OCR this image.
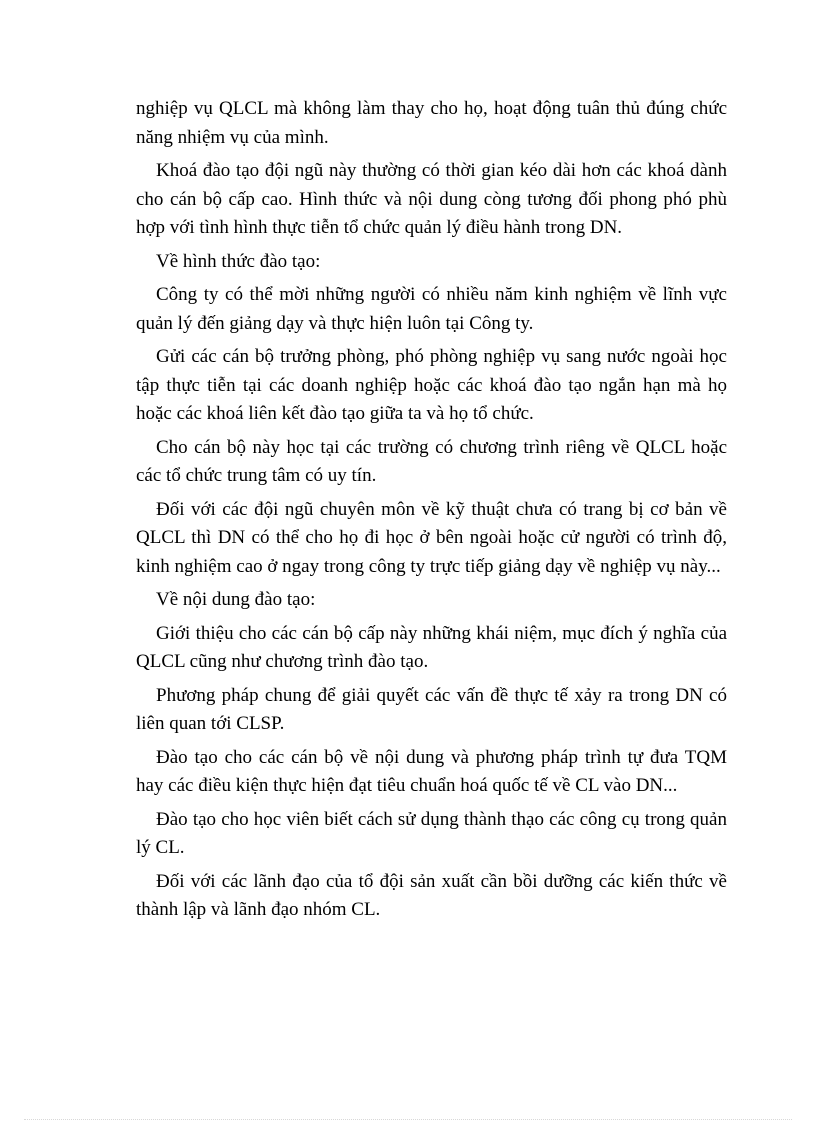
nghiệp vụ QLCL mà không làm thay cho họ, hoạt động tuân thủ đúng chức năng nhiệm vụ của mình.

Khoá đào tạo đội ngũ này thường có thời gian kéo dài hơn các khoá dành cho cán bộ cấp cao. Hình thức và nội dung còng tương đối phong phó phù hợp với tình hình thực tiễn tổ chức quản lý điều hành trong DN.

Về hình thức đào tạo:

Công ty có thể mời những người có nhiều năm kinh nghiệm về lĩnh vực quản lý đến giảng dạy và thực hiện luôn tại Công ty.

Gửi các cán bộ trưởng phòng, phó phòng nghiệp vụ sang nước ngoài học tập thực tiễn tại các doanh nghiệp hoặc các khoá đào tạo ngắn hạn mà họ hoặc các khoá liên kết đào tạo giữa ta và họ tổ chức.

Cho cán bộ này học tại các trường có chương trình riêng về QLCL hoặc các tổ chức trung tâm có uy tín.

Đối với các đội ngũ chuyên môn về kỹ thuật chưa có trang bị cơ bản về QLCL thì DN có thể cho họ đi học ở bên ngoài hoặc cử người có trình độ, kinh nghiệm cao ở ngay trong công ty trực tiếp giảng dạy về nghiệp vụ này...

Về nội dung đào tạo:

Giới thiệu cho các cán bộ cấp này những khái niệm, mục đích ý nghĩa của QLCL cũng như chương trình đào tạo.

Phương pháp chung để giải quyết các vấn đề thực tế xảy ra trong DN có liên quan tới CLSP.

Đào tạo cho các cán bộ về nội dung và phương pháp trình tự đưa TQM hay các điều kiện thực hiện đạt tiêu chuẩn hoá quốc tế về CL vào DN...

Đào tạo cho học viên biết cách sử dụng thành thạo các công cụ trong quản lý CL.

Đối với các lãnh đạo của tổ đội sản xuất cần bồi dưỡng các kiến thức về thành lập và lãnh đạo nhóm CL.
